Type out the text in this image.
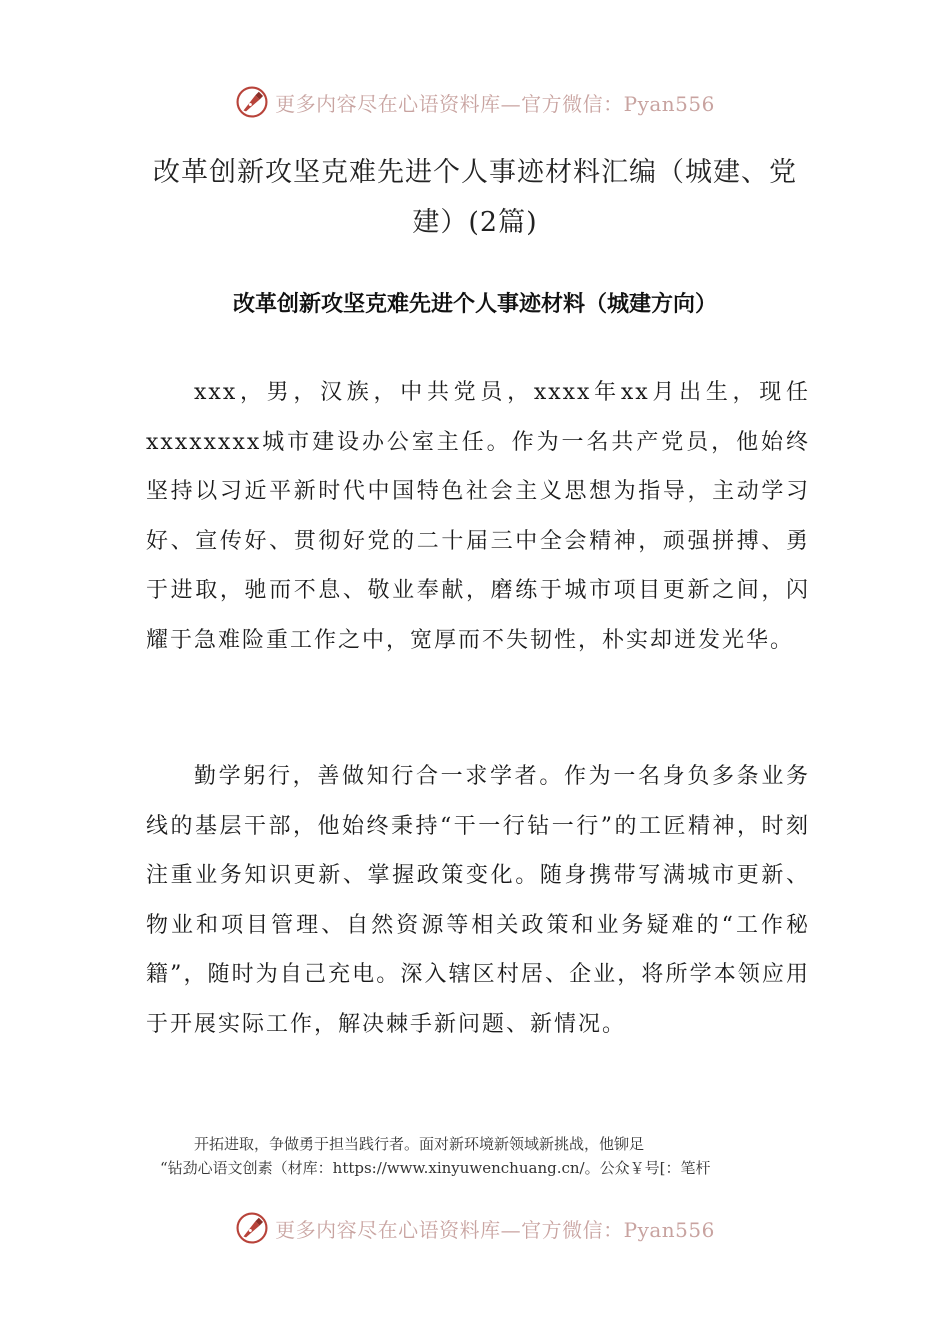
更多内容尽在心语资料库—官方微信：Pyan556
改革创新攻坚克难先进个人事迹材料汇编（城建、党建）(2篇)
改革创新攻坚克难先进个人事迹材料（城建方向）

xxx，男，汉族，中共党员，xxxx年xx月出生，现任xxxxxxxx城市建设办公室主任。作为一名共产党员，他始终坚持以习近平新时代中国特色社会主义思想为指导，主动学习好、宣传好、贯彻好党的二十届三中全会精神，顽强拼搏、勇于进取，驰而不息、敬业奉献，磨练于城市项目更新之间，闪耀于急难险重工作之中，宽厚而不失韧性，朴实却迸发光华。

勤学躬行，善做知行合一求学者。作为一名身负多条业务线的基层干部，他始终秉持“干一行钻一行”的工匠精神，时刻注重业务知识更新、掌握政策变化。随身携带写满城市更新、物业和项目管理、自然资源等相关政策和业务疑难的“工作秘籍”，随时为自己充电。深入辖区村居、企业，将所学本领应用于开展实际工作，解决棘手新问题、新情况。

开拓进取，争做勇于担当践行者。面对新环境新领域新挑战，他铆足
“钻劲心语文创素（材库：https://www.xinyuwenchuang.cn/。公众￥号[：笔杆
更多内容尽在心语资料库—官方微信：Pyan556
